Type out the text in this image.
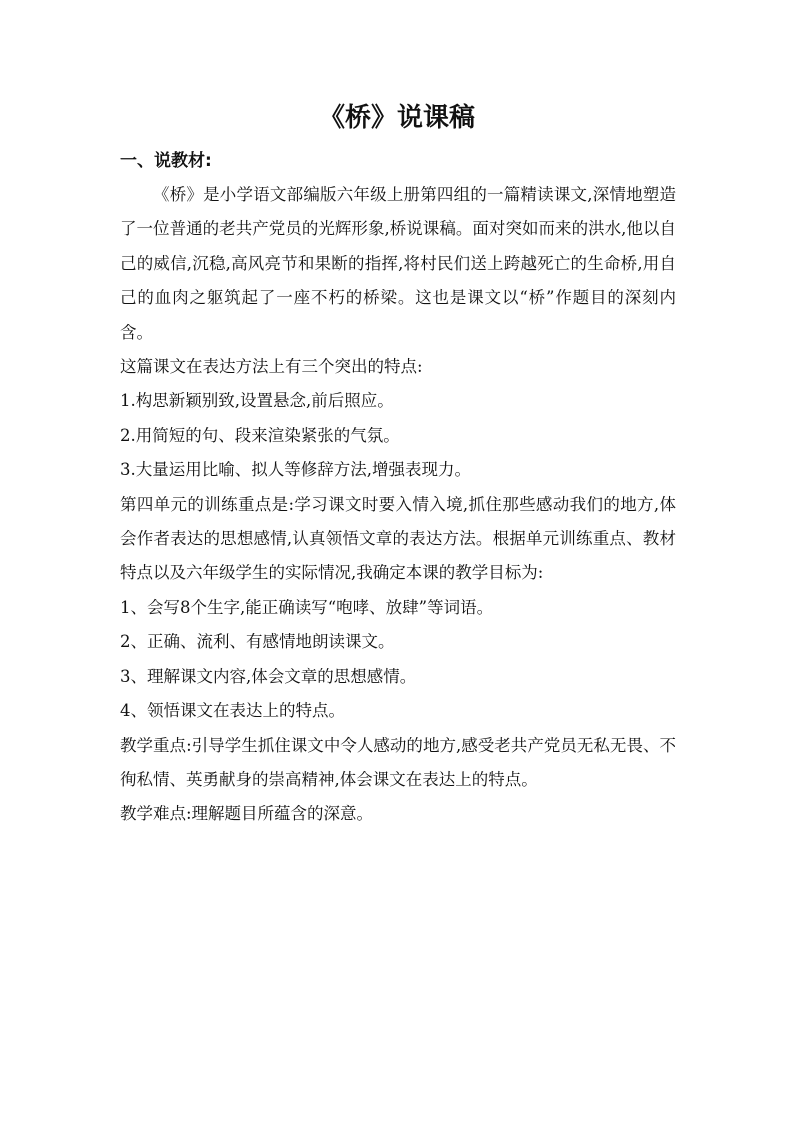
《桥》说课稿
一、说教材:

《桥》是小学语文部编版六年级上册第四组的一篇精读课文,深情地塑造了一位普通的老共产党员的光辉形象,桥说课稿。面对突如而来的洪水,他以自己的威信,沉稳,高风亮节和果断的指挥,将村民们送上跨越死亡的生命桥,用自己的血肉之躯筑起了一座不朽的桥梁。这也是课文以“桥”作题目的深刻内含。

这篇课文在表达方法上有三个突出的特点:

1.构思新颖别致,设置悬念,前后照应。

2.用简短的句、段来渲染紧张的气氛。

3.大量运用比喻、拟人等修辞方法,增强表现力。

第四单元的训练重点是:学习课文时要入情入境,抓住那些感动我们的地方,体会作者表达的思想感情,认真领悟文章的表达方法。根据单元训练重点、教材特点以及六年级学生的实际情况,我确定本课的教学目标为:

1、会写8个生字,能正确读写“咆哮、放肆”等词语。

2、正确、流利、有感情地朗读课文。

3、理解课文内容,体会文章的思想感情。

4、领悟课文在表达上的特点。

教学重点:引导学生抓住课文中令人感动的地方,感受老共产党员无私无畏、不徇私情、英勇献身的崇高精神,体会课文在表达上的特点。

教学难点:理解题目所蕴含的深意。
